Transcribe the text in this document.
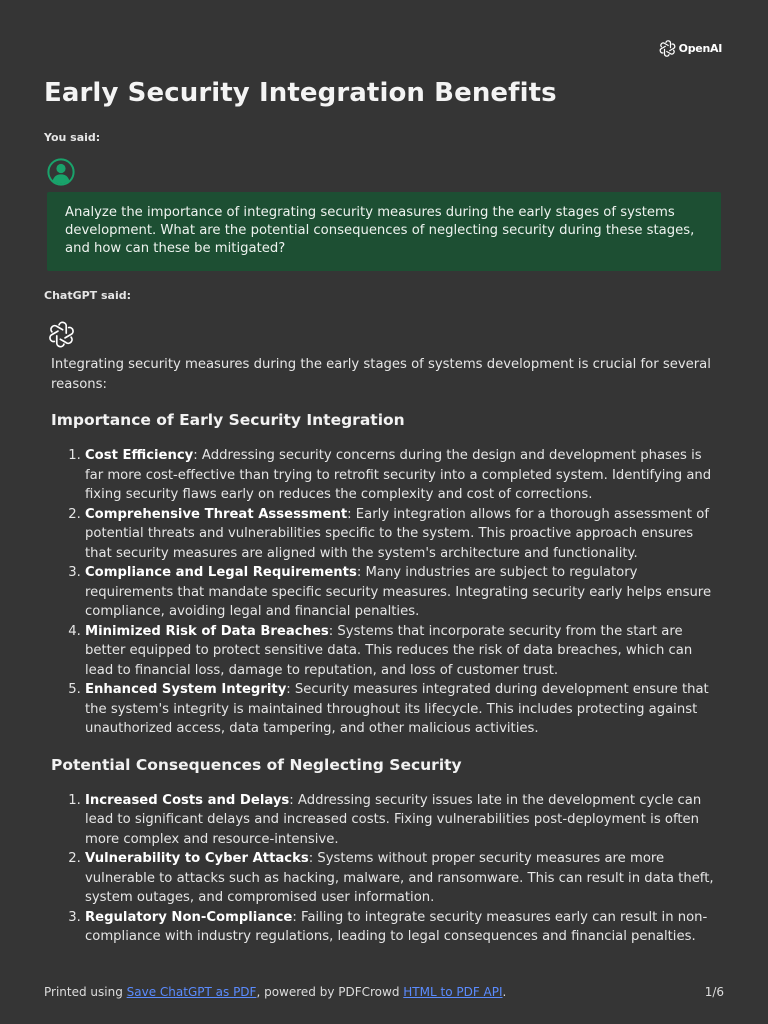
OpenAI
Early Security Integration Benefits
You said:
Analyze the importance of integrating security measures during the early stages of systems development. What are the potential consequences of neglecting security during these stages, and how can these be mitigated?
ChatGPT said:

Integrating security measures during the early stages of systems development is crucial for several reasons:

Importance of Early Security Integration
1. Cost Efficiency: Addressing security concerns during the design and development phases is far more cost-effective than trying to retrofit security into a completed system. Identifying and fixing security flaws early on reduces the complexity and cost of corrections.
2. Comprehensive Threat Assessment: Early integration allows for a thorough assessment of potential threats and vulnerabilities specific to the system. This proactive approach ensures that security measures are aligned with the system's architecture and functionality.
3. Compliance and Legal Requirements: Many industries are subject to regulatory requirements that mandate specific security measures. Integrating security early helps ensure compliance, avoiding legal and financial penalties.
4. Minimized Risk of Data Breaches: Systems that incorporate security from the start are better equipped to protect sensitive data. This reduces the risk of data breaches, which can lead to financial loss, damage to reputation, and loss of customer trust.
5. Enhanced System Integrity: Security measures integrated during development ensure that the system's integrity is maintained throughout its lifecycle. This includes protecting against unauthorized access, data tampering, and other malicious activities.
Potential Consequences of Neglecting Security
1. Increased Costs and Delays: Addressing security issues late in the development cycle can lead to significant delays and increased costs. Fixing vulnerabilities post-deployment is often more complex and resource-intensive.
2. Vulnerability to Cyber Attacks: Systems without proper security measures are more vulnerable to attacks such as hacking, malware, and ransomware. This can result in data theft, system outages, and compromised user information.
3. Regulatory Non-Compliance: Failing to integrate security measures early can result in non-compliance with industry regulations, leading to legal consequences and financial penalties.
Printed using Save ChatGPT as PDF, powered by PDFCrowd HTML to PDF API.	1/6
